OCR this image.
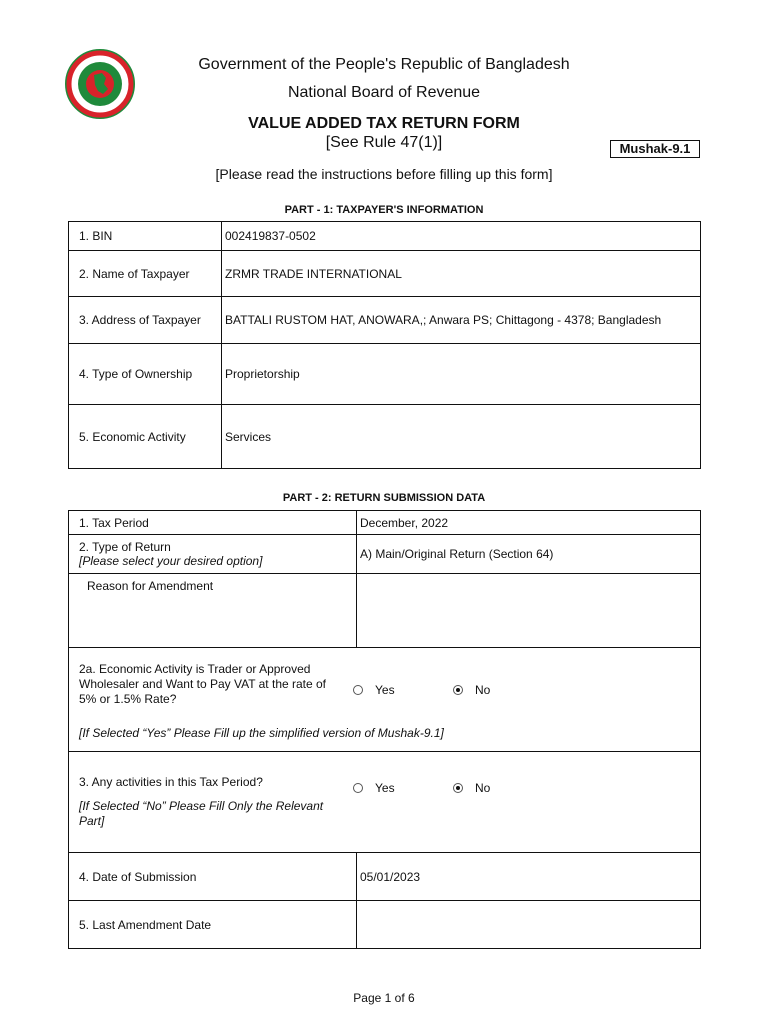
Government of the People's Republic of Bangladesh
National Board of Revenue
VALUE ADDED TAX RETURN FORM
[See Rule 47(1)]	Mushak-9.1
[Please read the instructions before filling up this form]
PART - 1: TAXPAYER'S INFORMATION
1. BIN	002419837-0502
2. Name of Taxpayer	ZRMR TRADE INTERNATIONAL
3. Address of Taxpayer	BATTALI RUSTOM HAT, ANOWARA,; Anwara PS; Chittagong - 4378; Bangladesh
4. Type of Ownership	Proprietorship
5. Economic Activity	Services
PART - 2: RETURN SUBMISSION DATA
1. Tax Period	December, 2022

2. Type of Return
[Please select your desired option]	A) Main/Original Return (Section 64)
Reason for Amendment	

2a. Economic Activity is Trader or Approved Wholesaler and Want to Pay VAT at the rate of 5% or 1.5% Rate?
Yes No
[If Selected “Yes” Please Fill up the simplified version of Mushak-9.1]	

3. Any activities in this Tax Period? Yes No
[If Selected “No” Please Fill Only the Relevant Part]	

4. Date of Submission	05/01/2023
5. Last Amendment Date	
Page 1 of 6
